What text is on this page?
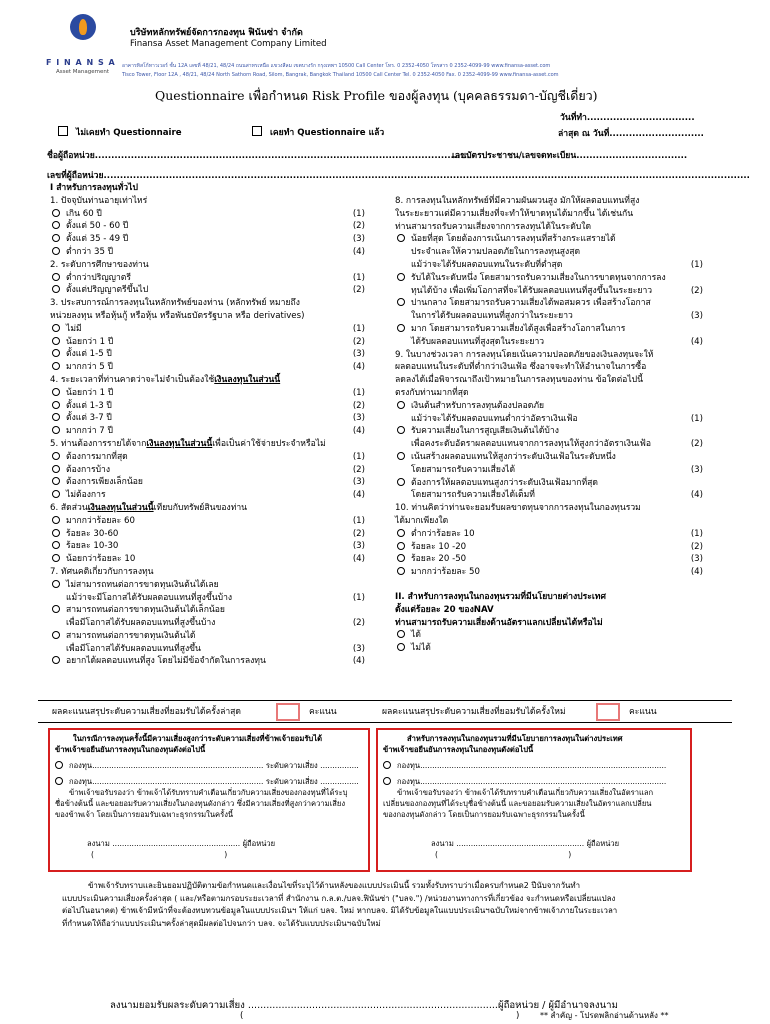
F I N A N S A
Asset Management
บริษัทหลักทรัพย์จัดการกองทุน ฟินันซ่า จำกัด
Finansa Asset Management Company Limited
อาคารทิสโก้ทาวเวอร์ ชั้น 12A เลขที่ 48/21, 48/24 ถนนสาทรเหนือ แขวงสีลม เขตบางรัก กรุงเทพฯ 10500 Call Center โทร. 0 2352-4050 โทรสาร 0 2352-4099-99 www.finansa-asset.com
Tisco Tower, Floor 12A , 48/21, 48/24 North Sathorn Road, Silom, Bangrak, Bangkok Thailand 10500 Call Center Tel. 0 2352-4050 Fax. 0 2352-4099-99 www.finansa-asset.com
Questionnaire เพื่อกำหนด Risk Profile ของผู้ลงทุน (บุคคลธรรมดา-บัญชีเดี่ยว)
วันที่ทำ.................................
ไม่เคยทำ Questionnaire	เคยทำ Questionnaire แล้ว	ล่าสุด ณ วันที่.............................
ชื่อผู้ถือหน่วย...................................................................................................................
เลขบัตรประชาชน/เลขจดทะเบียน..................................
เลขที่ผู้ถือหน่วย......................................................................................................................................................................................................
I สำหรับการลงทุนทั่วไป
1. ปัจจุบันท่านอายุเท่าไหร่
เกิน 60 ปี	(1)
ตั้งแต่ 50 - 60 ปี	(2)
ตั้งแต่ 35 - 49 ปี	(3)
ต่ำกว่า 35 ปี	(4)
2. ระดับการศึกษาของท่าน
ต่ำกว่าปริญญาตรี	(1)
ตั้งแต่ปริญญาตรีขึ้นไป	(2)
3. ประสบการณ์การลงทุนในหลักทรัพย์ของท่าน (หลักทรัพย์ หมายถึง
หน่วยลงทุน หรือหุ้นกู้ หรือหุ้น หรือพันธบัตรรัฐบาล หรือ derivatives)
ไม่มี	(1)
น้อยกว่า 1 ปี	(2)
ตั้งแต่ 1-5 ปี	(3)
มากกว่า 5 ปี	(4)
4. ระยะเวลาที่ท่านคาดว่าจะไม่จำเป็นต้องใช้เงินลงทุนในส่วนนี้
น้อยกว่า 1 ปี	(1)
ตั้งแต่ 1-3 ปี	(2)
ตั้งแต่ 3-7 ปี	(3)
มากกว่า 7 ปี	(4)
5. ท่านต้องการรายได้จากเงินลงทุนในส่วนนี้เพื่อเป็นค่าใช้จ่ายประจำหรือไม่
ต้องการมากที่สุด	(1)
ต้องการบ้าง	(2)
ต้องการเพียงเล็กน้อย	(3)
ไม่ต้องการ	(4)
6. สัดส่วนเงินลงทุนในส่วนนี้เทียบกับทรัพย์สินของท่าน
มากกว่าร้อยละ 60	(1)
ร้อยละ 30-60	(2)
ร้อยละ 10-30	(3)
น้อยกว่าร้อยละ 10	(4)
7. ทัศนคติเกี่ยวกับการลงทุน
ไม่สามารถทนต่อการขาดทุนเงินต้นได้เลย
แม้ว่าจะมีโอกาสได้รับผลตอบแทนที่สูงขึ้นบ้าง	(1)
สามารถทนต่อการขาดทุนเงินต้นได้เล็กน้อย
เพื่อมีโอกาสได้รับผลตอบแทนที่สูงขึ้นบ้าง	(2)
สามารถทนต่อการขาดทุนเงินต้นได้
เพื่อมีโอกาสได้รับผลตอบแทนที่สูงขึ้น	(3)
อยากได้ผลตอบแทนที่สูง โดยไม่มีข้อจำกัดในการลงทุน	(4)
8. การลงทุนในหลักทรัพย์ที่มีความผันผวนสูง มักให้ผลตอบแทนที่สูง
ในระยะยาวแต่มีความเสี่ยงที่จะทำให้ขาดทุนได้มากขึ้น ได้เช่นกัน
ท่านสามารถรับความเสี่ยงจากการลงทุนได้ในระดับใด
น้อยที่สุด โดยต้องการเน้นการลงทุนที่สร้างกระแสรายได้
ประจำและให้ความปลอดภัยในการลงทุนสูงสุด
แม้ว่าจะได้รับผลตอบแทนในระดับที่ต่ำสุด	(1)
รับได้ในระดับหนึ่ง โดยสามารถรับความเสี่ยงในการขาดทุนจากการลง
ทุนได้บ้าง เพื่อเพิ่มโอกาสที่จะได้รับผลตอบแทนที่สูงขึ้นในระยะยาว	(2)
ปานกลาง โดยสามารถรับความเสี่ยงได้พอสมควร เพื่อสร้างโอกาส
ในการได้รับผลตอบแทนที่สูงกว่าในระยะยาว	(3)
มาก โดยสามารถรับความเสี่ยงได้สูงเพื่อสร้างโอกาสในการ
ได้รับผลตอบแทนที่สูงสุดในระยะยาว	(4)
9. ในบางช่วงเวลา การลงทุนโดยเน้นความปลอดภัยของเงินลงทุนจะให้
ผลตอบแทนในระดับที่ต่ำกว่าเงินเฟ้อ ซึ่งอาจจะทำให้อำนาจในการซื้อ
ลดลงได้เมื่อพิจารณาถึงเป้าหมายในการลงทุนของท่าน ข้อใดต่อไปนี้
ตรงกับท่านมากที่สุด
เงินต้นสำหรับการลงทุนต้องปลอดภัย
แม้ว่าจะได้รับผลตอบแทนต่ำกว่าอัตราเงินเฟ้อ	(1)
รับความเสี่ยงในการสูญเสียเงินต้นได้บ้าง
เพื่อคงระดับอัตราผลตอบแทนจากการลงทุนให้สูงกว่าอัตราเงินเฟ้อ	(2)
เน้นสร้างผลตอบแทนให้สูงกว่าระดับเงินเฟ้อในระดับหนึ่ง
โดยสามารถรับความเสี่ยงได้	(3)
ต้องการให้ผลตอบแทนสูงกว่าระดับเงินเฟ้อมากที่สุด
โดยสามารถรับความเสี่ยงได้เต็มที่	(4)
10. ท่านคิดว่าท่านจะยอมรับผลขาดทุนจากการลงทุนในกองทุนรวม
ได้มากเพียงใด
ต่ำกว่าร้อยละ 10	(1)
ร้อยละ 10 -20	(2)
ร้อยละ 20 -50	(3)
มากกว่าร้อยละ 50	(4)
II. สำหรับการลงทุนในกองทุนรวมที่มีนโยบายต่างประเทศ
ตั้งแต่ร้อยละ 20 ของNAV
ท่านสามารถรับความเสี่ยงด้านอัตราแลกเปลี่ยนได้หรือไม่
ได้
ไม่ได้
ผลคะแนนสรุประดับความเสี่ยงที่ยอมรับได้ครั้งล่าสุด	คะแนน	ผลคะแนนสรุประดับความเสี่ยงที่ยอมรับได้ครั้งใหม่	คะแนน
ในกรณีการลงทุนครั้งนี้มีความเสี่ยงสูงกว่าระดับความเสี่ยงที่ข้าพเจ้ายอมรับได้
ข้าพเจ้าขอยืนยันการลงทุนในกองทุนดังต่อไปนี้
กองทุน....................................................................... ระดับความเสี่ยง ................
กองทุน....................................................................... ระดับความเสี่ยง ................
ข้าพเจ้าขอรับรองว่า ข้าพเจ้าได้รับทราบคำเตือนเกี่ยวกับความเสี่ยงของกองทุนที่ได้ระบุ
ชื่อข้างต้นนี้ และขอยอมรับความเสี่ยงในกองทุนดังกล่าว ซึ่งมีความเสี่ยงที่สูงกว่าความเสี่ยง
ของข้าพเจ้า โดยเป็นการยอมรับเฉพาะธุรกรรมในครั้งนี้
ลงนาม ..................................................... ผู้ถือหน่วย
(                                                      )
สำหรับการลงทุนในกองทุนรวมที่มีนโยบายการลงทุนในต่างประเทศ
ข้าพเจ้าขอยืนยันการลงทุนในกองทุนดังต่อไปนี้
กองทุน......................................................................................................
กองทุน......................................................................................................
ข้าพเจ้าขอรับรองว่า ข้าพเจ้าได้รับทราบคำเตือนเกี่ยวกับความเสี่ยงในอัตราแลก
เปลี่ยนของกองทุนที่ได้ระบุชื่อข้างต้นนี้ และขอยอมรับความเสี่ยงในอัตราแลกเปลี่ยน
ของกองทุนดังกล่าว โดยเป็นการยอมรับเฉพาะธุรกรรมในครั้งนี้
ลงนาม ..................................................... ผู้ถือหน่วย
(                                                      )
ข้าพเจ้ารับทราบและยินยอมปฏิบัติตามข้อกำหนดและเงื่อนไขที่ระบุไว้ด้านหลังของแบบประเมินนี้ รวมทั้งรับทราบว่าเมื่อครบกำหนด2 ปีนับจากวันทำ
แบบประเมินความเสี่ยงครั้งล่าสุด ( และ/หรือตามกรอบระยะเวลาที่ สำนักงาน ก.ล.ต./บลจ.ฟินันซ่า ("บลจ.") /หน่วยงานทางการที่เกี่ยวข้อง จะกำหนดหรือเปลี่ยนแปลง
ต่อไปในอนาคต) ข้าพเจ้ามีหน้าที่จะต้องทบทวนข้อมูลในแบบประเมินฯ ให้แก่ บลจ. ใหม่ หากบลจ. มิได้รับข้อมูลในแบบประเมินฯฉบับใหม่จากข้าพเจ้าภายในระยะเวลา
ที่กำหนดให้ถือว่าแบบประเมินฯครั้งล่าสุดมีผลต่อไปจนกว่า บลจ. จะได้รับแบบประเมินฯฉบับใหม่
ลงนามยอมรับผลระดับความเสี่ยง ..................................................................................ผู้ถือหน่วย / ผู้มีอำนาจลงนาม
(	)	** สำคัญ - โปรดพลิกอ่านด้านหลัง **
